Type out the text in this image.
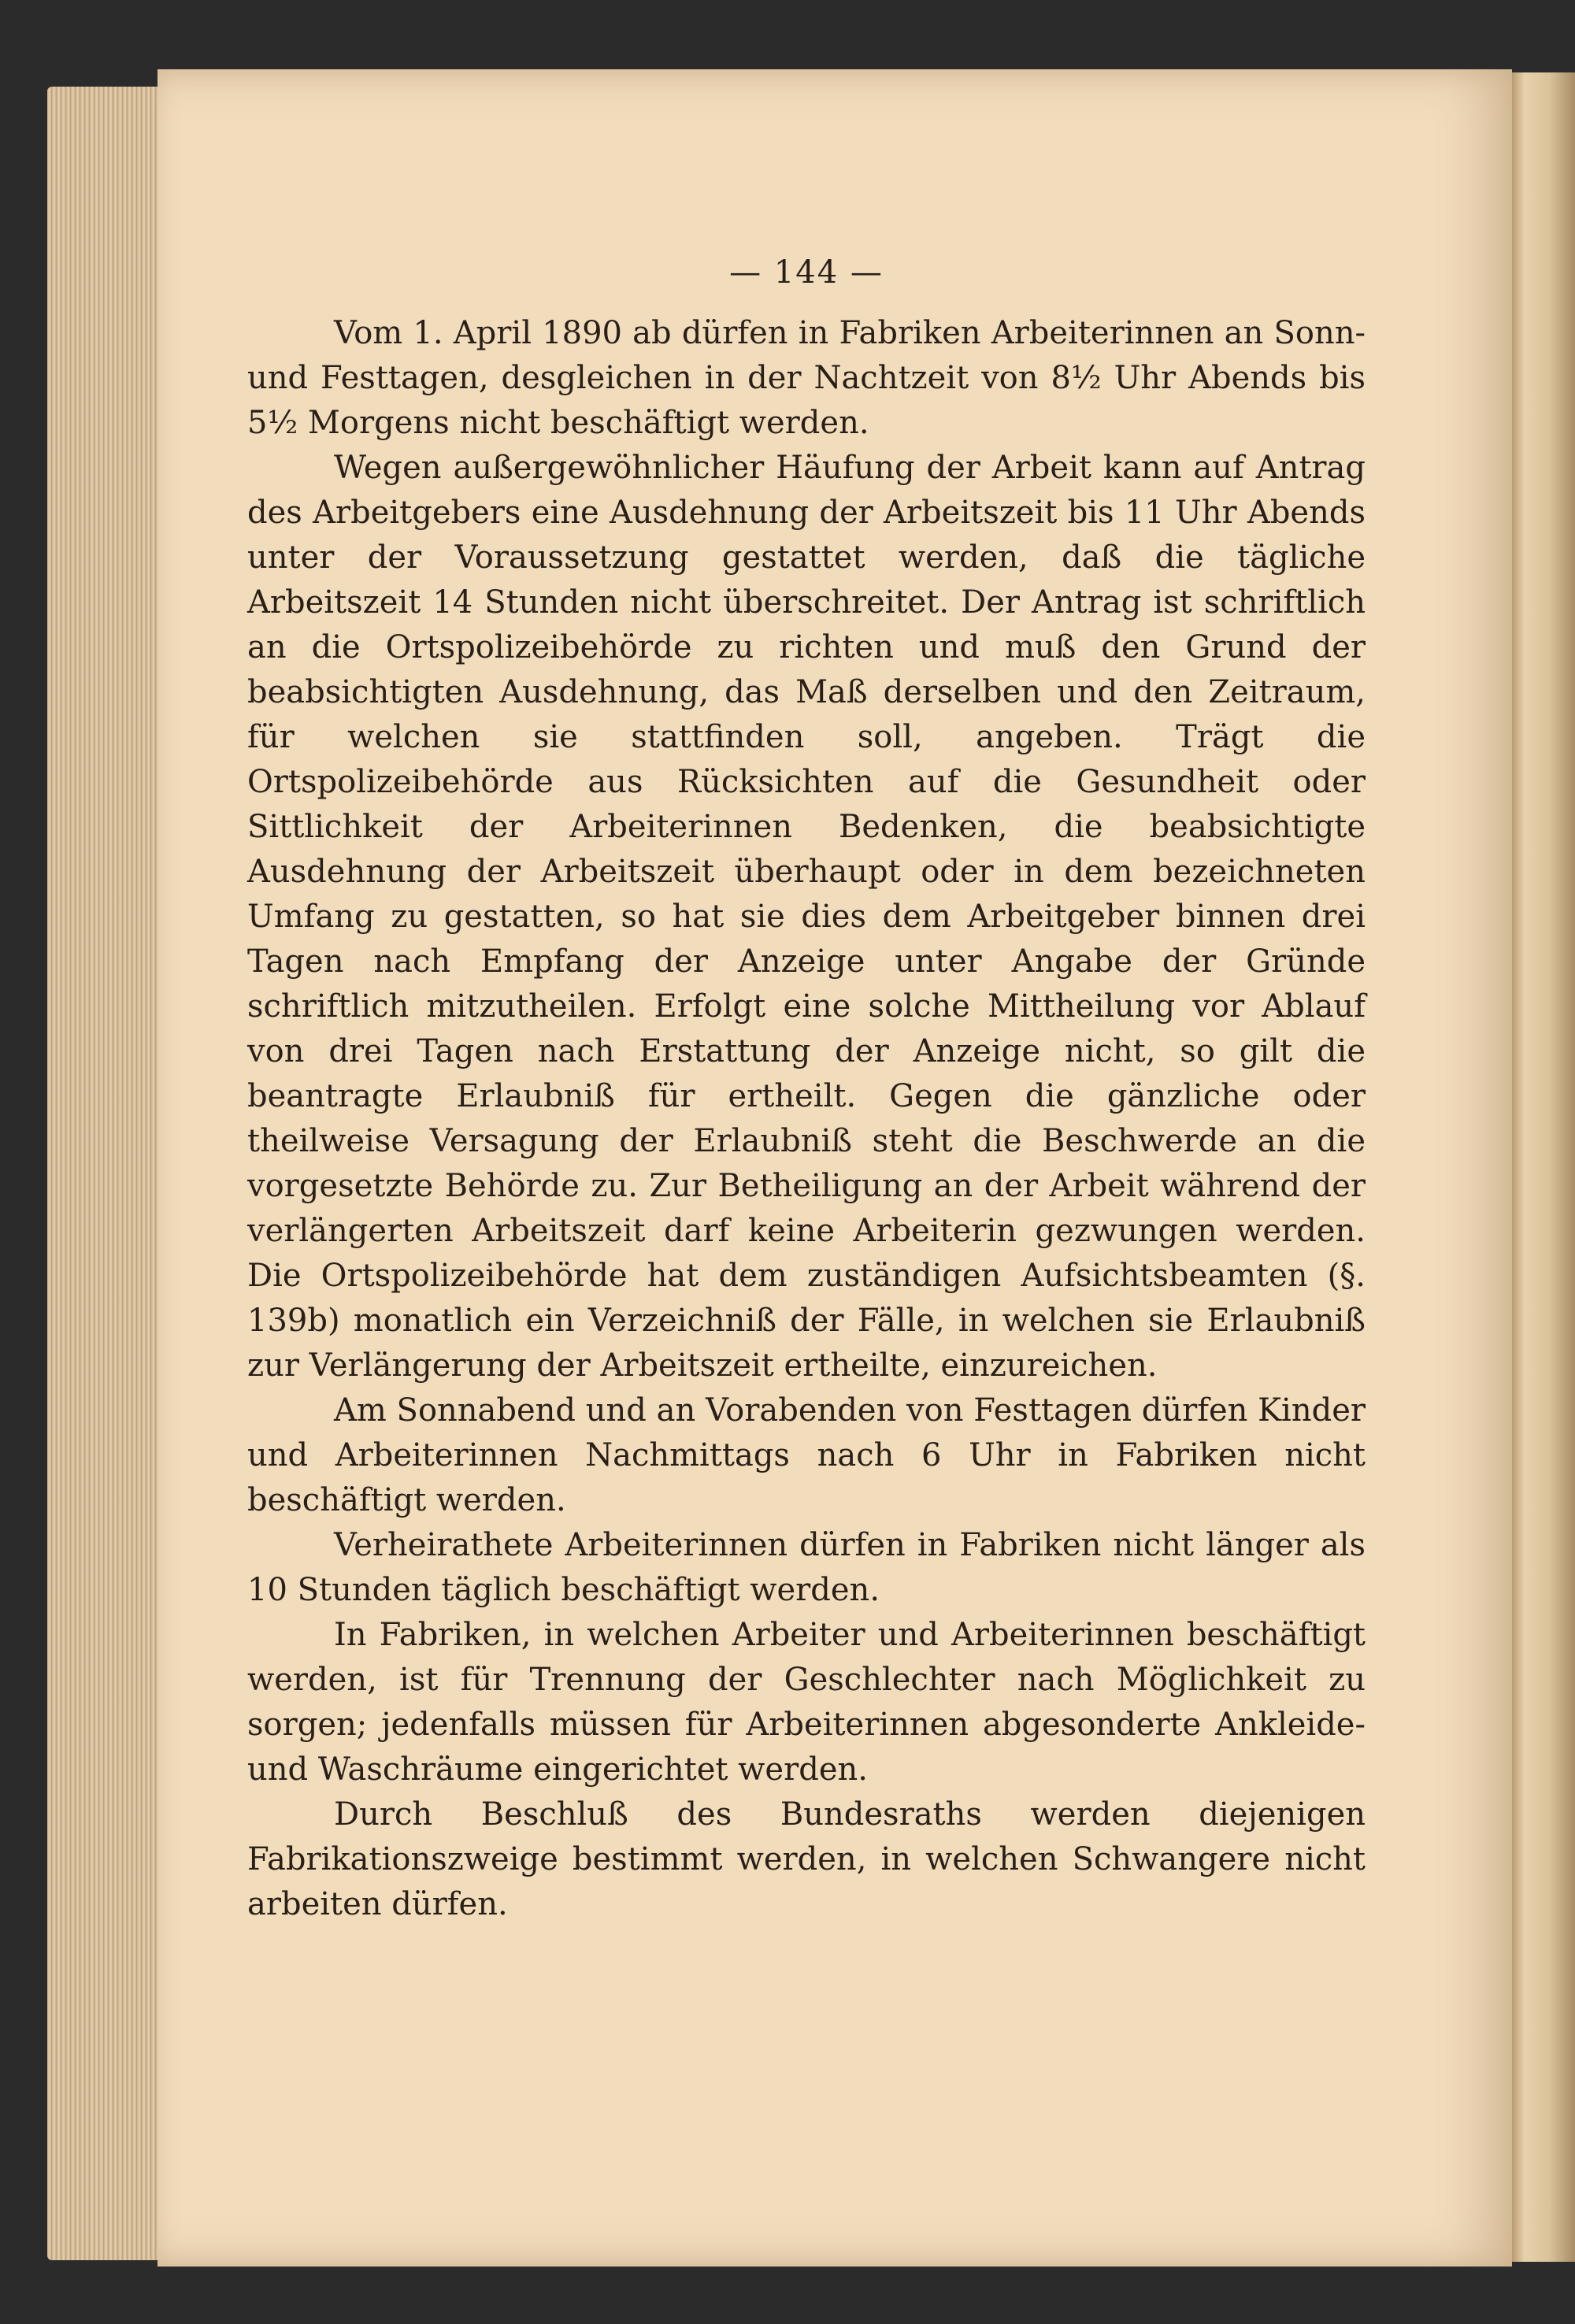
— 144 —

Vom 1. April 1890 ab dürfen in Fabriken Arbeiterinnen an Sonn- und Festtagen, desgleichen in der Nachtzeit von 8½ Uhr Abends bis 5½ Morgens nicht beschäftigt werden.

Wegen außergewöhnlicher Häufung der Arbeit kann auf Antrag des Arbeitgebers eine Ausdehnung der Arbeitszeit bis 11 Uhr Abends unter der Voraussetzung gestattet werden, daß die tägliche Arbeitszeit 14 Stunden nicht überschreitet. Der Antrag ist schriftlich an die Ortspolizeibehörde zu richten und muß den Grund der beabsichtigten Ausdehnung, das Maß derselben und den Zeitraum, für welchen sie stattfinden soll, angeben. Trägt die Ortspolizeibehörde aus Rücksichten auf die Gesundheit oder Sittlichkeit der Arbeiterinnen Bedenken, die beabsichtigte Ausdehnung der Arbeitszeit überhaupt oder in dem bezeichneten Umfang zu gestatten, so hat sie dies dem Arbeitgeber binnen drei Tagen nach Empfang der Anzeige unter Angabe der Gründe schriftlich mitzutheilen. Erfolgt eine solche Mittheilung vor Ablauf von drei Tagen nach Erstattung der Anzeige nicht, so gilt die beantragte Erlaubniß für ertheilt. Gegen die gänzliche oder theilweise Versagung der Erlaubniß steht die Beschwerde an die vorgesetzte Behörde zu. Zur Betheiligung an der Arbeit während der verlängerten Arbeitszeit darf keine Arbeiterin gezwungen werden. Die Ortspolizeibehörde hat dem zuständigen Aufsichtsbeamten (§. 139b) monatlich ein Verzeichniß der Fälle, in welchen sie Erlaubniß zur Verlängerung der Arbeitszeit ertheilte, einzureichen.

Am Sonnabend und an Vorabenden von Festtagen dürfen Kinder und Arbeiterinnen Nachmittags nach 6 Uhr in Fabriken nicht beschäftigt werden.

Verheirathete Arbeiterinnen dürfen in Fabriken nicht länger als 10 Stunden täglich beschäftigt werden.

In Fabriken, in welchen Arbeiter und Arbeiterinnen beschäftigt werden, ist für Trennung der Geschlechter nach Möglichkeit zu sorgen; jedenfalls müssen für Arbeiterinnen abgesonderte Ankleide- und Waschräume eingerichtet werden.

Durch Beschluß des Bundesraths werden diejenigen Fabrikationszweige bestimmt werden, in welchen Schwangere nicht arbeiten dürfen.
